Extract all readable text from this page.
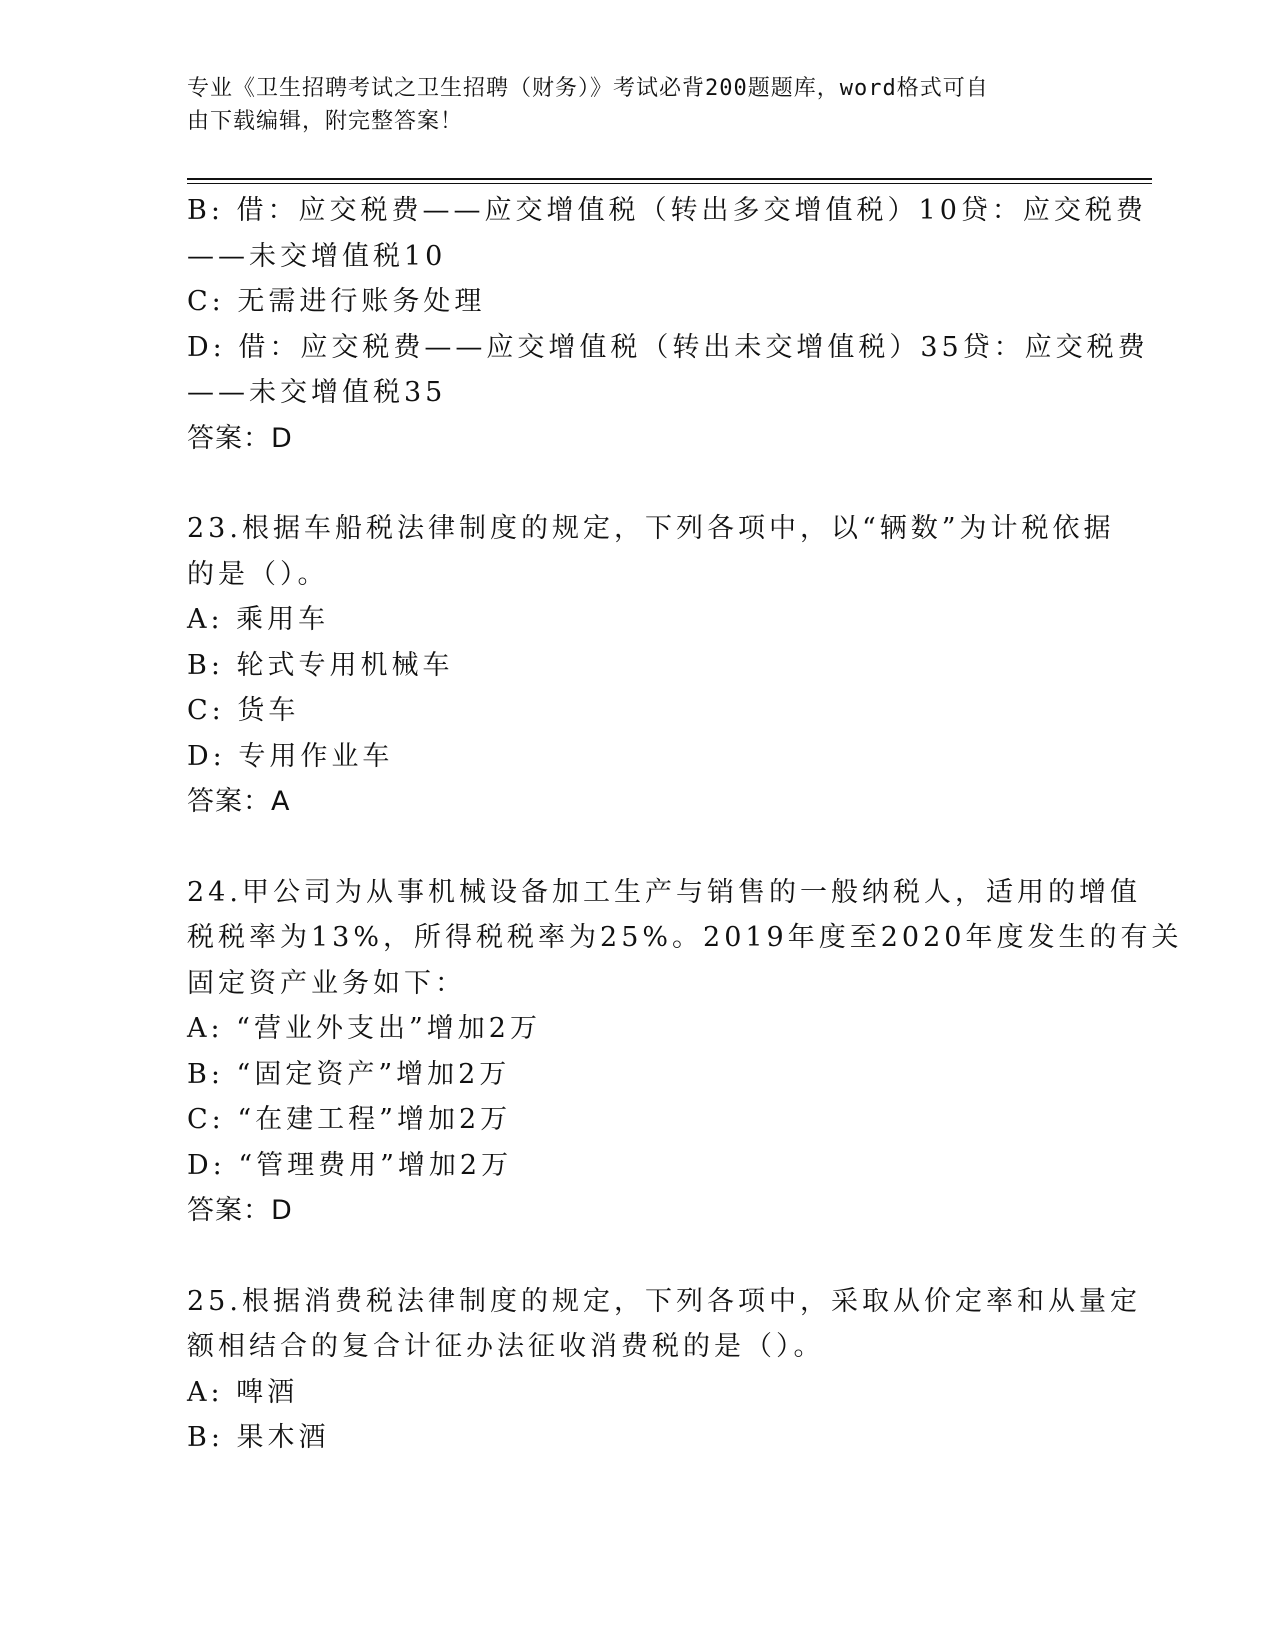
专业《卫生招聘考试之卫生招聘（财务）》考试必背200题题库，word格式可自
由下载编辑，附完整答案！
B: 借：应交税费——应交增值税（转出多交增值税）10贷：应交税费
——未交增值税10
C: 无需进行账务处理
D: 借：应交税费——应交增值税（转出未交增值税）35贷：应交税费
——未交增值税35
答案：D
23.根据车船税法律制度的规定，下列各项中，以“辆数”为计税依据
的是（）。
A: 乘用车
B: 轮式专用机械车
C: 货车
D: 专用作业车
答案：A
24.甲公司为从事机械设备加工生产与销售的一般纳税人，适用的增值
税税率为13%，所得税税率为25%。2019年度至2020年度发生的有关
固定资产业务如下：
A: “营业外支出”增加2万
B: “固定资产”增加2万
C: “在建工程”增加2万
D: “管理费用”增加2万
答案：D
25.根据消费税法律制度的规定，下列各项中，采取从价定率和从量定
额相结合的复合计征办法征收消费税的是（）。
A: 啤酒
B: 果木酒
